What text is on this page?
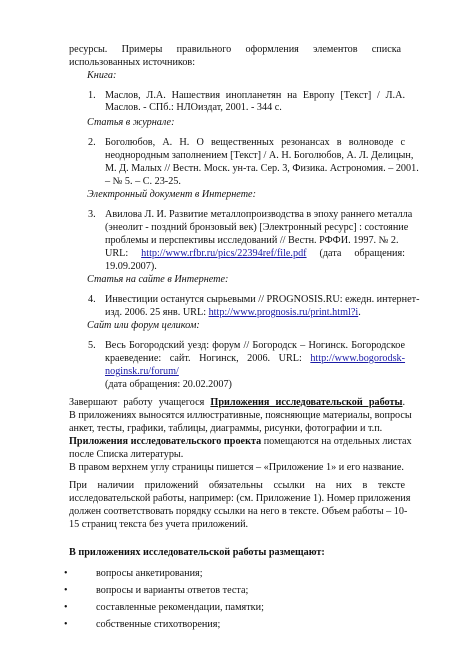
ресурсы. Примеры правильного оформления элементов списка
использованных источников:
Книга:
1. Маслов, Л.А. Нашествия инопланетян на Европу [Текст] / Л.А. Маслов. - СПб.: НЛОиздат, 2001. - 344 с.
Статья в журнале:
2. Боголюбов, А. Н. О вещественных резонансах в волноводе с
неоднородным заполнением [Текст] / А. Н. Боголюбов, А. Л. Делицын,
М. Д. Малых // Вестн. Моск. ун-та. Сер. 3, Физика. Астрономия. – 2001.
– № 5. – С. 23-25.
Электронный документ в Интернете:
3. Авилова Л. И. Развитие металлопроизводства в эпоху раннего металла
(энеолит - поздний бронзовый век) [Электронный ресурс] : состояние
проблемы и перспективы исследований // Вестн. РФФИ. 1997. № 2.
URL: http://www.rfbr.ru/pics/22394ref/file.pdf (дата обращения:
19.09.2007).
Статья на сайте в Интернете:
4. Инвестиции останутся сырьевыми // PROGNOSIS.RU: ежедн. интернет-
изд. 2006. 25 янв. URL: http://www.prognosis.ru/print.html?i.
Сайт или форум целиком:
5. Весь Богородский уезд: форум // Богородск – Ногинск. Богородское
краеведение: сайт. Ногинск, 2006. URL: http://www.bogorodsk-
noginsk.ru/forum/
(дата обращения: 20.02.2007)
Завершают работу учащегося Приложения исследовательской работы.
В приложениях выносятся иллюстративные, поясняющие материалы, вопросы
анкет, тесты, графики, таблицы, диаграммы, рисунки, фотографии и т.п.
Приложения исследовательского проекта помещаются на отдельных листах
после Списка литературы.
В правом верхнем углу страницы пишется – «Приложение 1» и его название.
При наличии приложений обязательны ссылки на них в тексте
исследовательской работы, например: (см. Приложение 1). Номер приложения
должен соответствовать порядку ссылки на него в тексте. Объем работы – 10-
15 страниц текста без учета приложений.
В приложениях исследовательской работы размещают:
•	вопросы анкетирования;
•	вопросы и варианты ответов теста;
•	составленные рекомендации, памятки;
•	собственные стихотворения;
